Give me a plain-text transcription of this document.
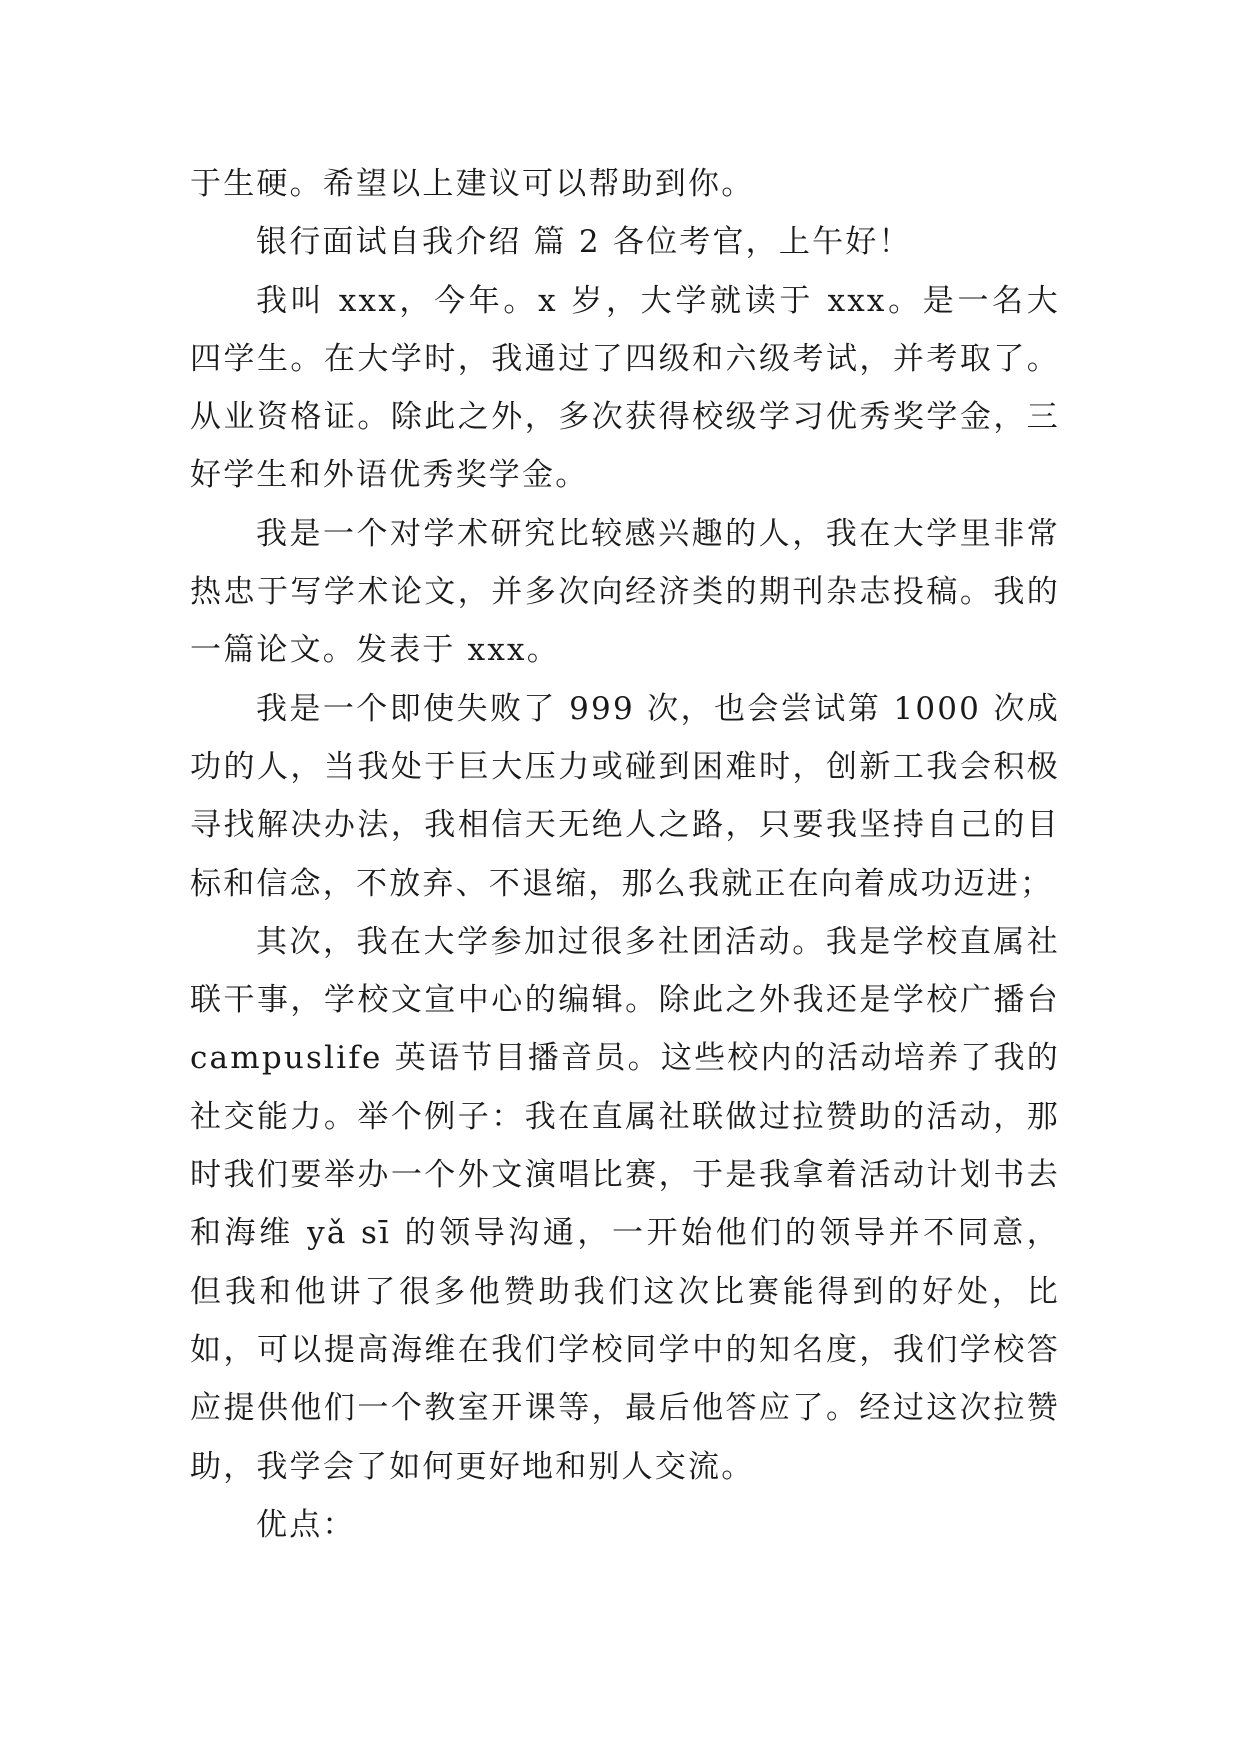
于生硬。希望以上建议可以帮助到你。

银行面试自我介绍 篇 2 各位考官，上午好！

我叫 xxx，今年。x 岁，大学就读于 xxx。是一名大四学生。在大学时，我通过了四级和六级考试，并考取了。从业资格证。除此之外，多次获得校级学习优秀奖学金，三好学生和外语优秀奖学金。

我是一个对学术研究比较感兴趣的人，我在大学里非常热忠于写学术论文，并多次向经济类的期刊杂志投稿。我的一篇论文。发表于 xxx。

我是一个即使失败了 999 次，也会尝试第 1000 次成功的人，当我处于巨大压力或碰到困难时，创新工我会积极寻找解决办法，我相信天无绝人之路，只要我坚持自己的目标和信念，不放弃、不退缩，那么我就正在向着成功迈进；

其次，我在大学参加过很多社团活动。我是学校直属社联干事，学校文宣中心的编辑。除此之外我还是学校广播台 campuslife 英语节目播音员。这些校内的活动培养了我的社交能力。举个例子：我在直属社联做过拉赞助的活动，那时我们要举办一个外文演唱比赛，于是我拿着活动计划书去和海维 yǎ sī 的领导沟通，一开始他们的领导并不同意，但我和他讲了很多他赞助我们这次比赛能得到的好处，比如，可以提高海维在我们学校同学中的知名度，我们学校答应提供他们一个教室开课等，最后他答应了。经过这次拉赞助，我学会了如何更好地和别人交流。

优点：
